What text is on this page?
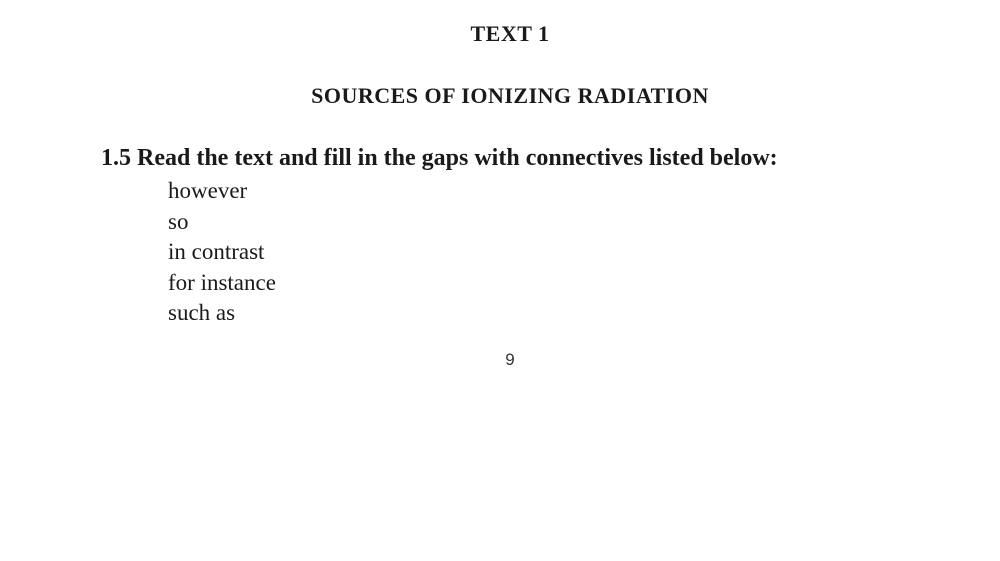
TEXT 1
SOURCES OF IONIZING RADIATION
1.5 Read the text and fill in the gaps with connectives listed below:
however
so
in contrast
for instance
such as
9
